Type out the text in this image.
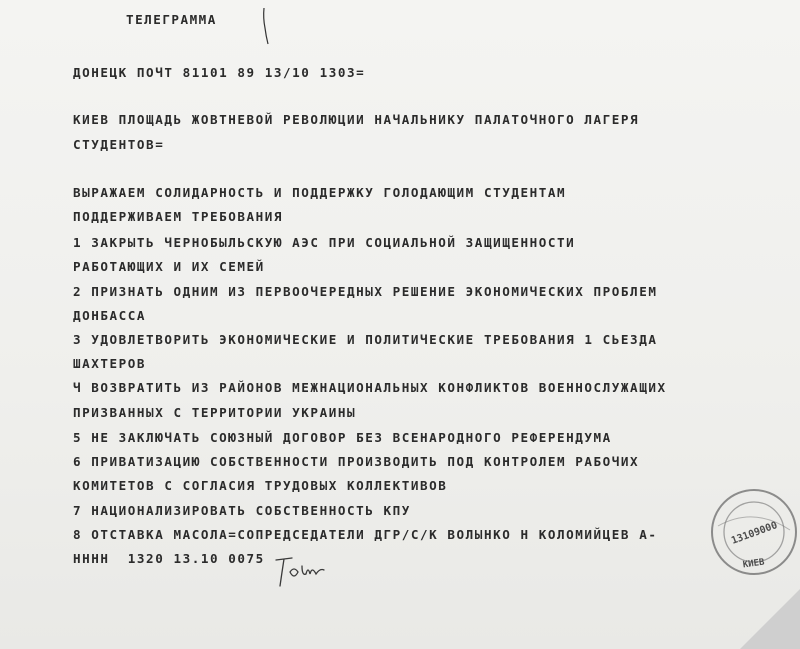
ТЕЛЕГРАММА
ДОНЕЦК ПОЧТ 81101 89 13/10 1303=
КИЕВ ПЛОЩАДЬ ЖОВТНЕВОЙ РЕВОЛЮЦИИ НАЧАЛЬНИКУ ПАЛАТОЧНОГО ЛАГЕРЯ
СТУДЕНТОВ=
ВЫРАЖАЕМ СОЛИДАРНОСТЬ И ПОДДЕРЖКУ ГОЛОДАЮЩИМ СТУДЕНТАМ
ПОДДЕРЖИВАЕМ ТРЕБОВАНИЯ
1 ЗАКРЫТЬ ЧЕРНОБЫЛЬСКУЮ АЭС ПРИ СОЦИАЛЬНОЙ ЗАЩИЩЕННОСТИ
РАБОТАЮЩИХ И ИХ СЕМЕЙ
2 ПРИЗНАТЬ ОДНИМ ИЗ ПЕРВООЧЕРЕДНЫХ РЕШЕНИЕ ЭКОНОМИЧЕСКИХ ПРОБЛЕМ
ДОНБАССА
3 УДОВЛЕТВОРИТЬ ЭКОНОМИЧЕСКИЕ И ПОЛИТИЧЕСКИЕ ТРЕБОВАНИЯ 1 СЬЕЗДА
ШАХТЕРОВ
Ч ВОЗВРАТИТЬ ИЗ РАЙОНОВ МЕЖНАЦИОНАЛЬНЫХ КОНФЛИКТОВ ВОЕННОСЛУЖАЩИХ
ПРИЗВАННЫХ С ТЕРРИТОРИИ УКРАИНЫ
5 НЕ ЗАКЛЮЧАТЬ СОЮЗНЫЙ ДОГОВОР БЕЗ ВСЕНАРОДНОГО РЕФЕРЕНДУМА
6 ПРИВАТИЗАЦИЮ СОБСТВЕННОСТИ ПРОИЗВОДИТЬ ПОД КОНТРОЛЕМ РАБОЧИХ
КОМИТЕТОВ С СОГЛАСИЯ ТРУДОВЫХ КОЛЛЕКТИВОВ
7 НАЦИОНАЛИЗИРОВАТЬ СОБСТВЕННОСТЬ КПУ
8 ОТСТАВКА МАСОЛА=СОПРЕДСЕДАТЕЛИ ДГР/С/К ВОЛЫНКО Н КОЛОМИЙЦЕВ А-
НННН  1320 13.10 0075
13109000
КИЕВ
